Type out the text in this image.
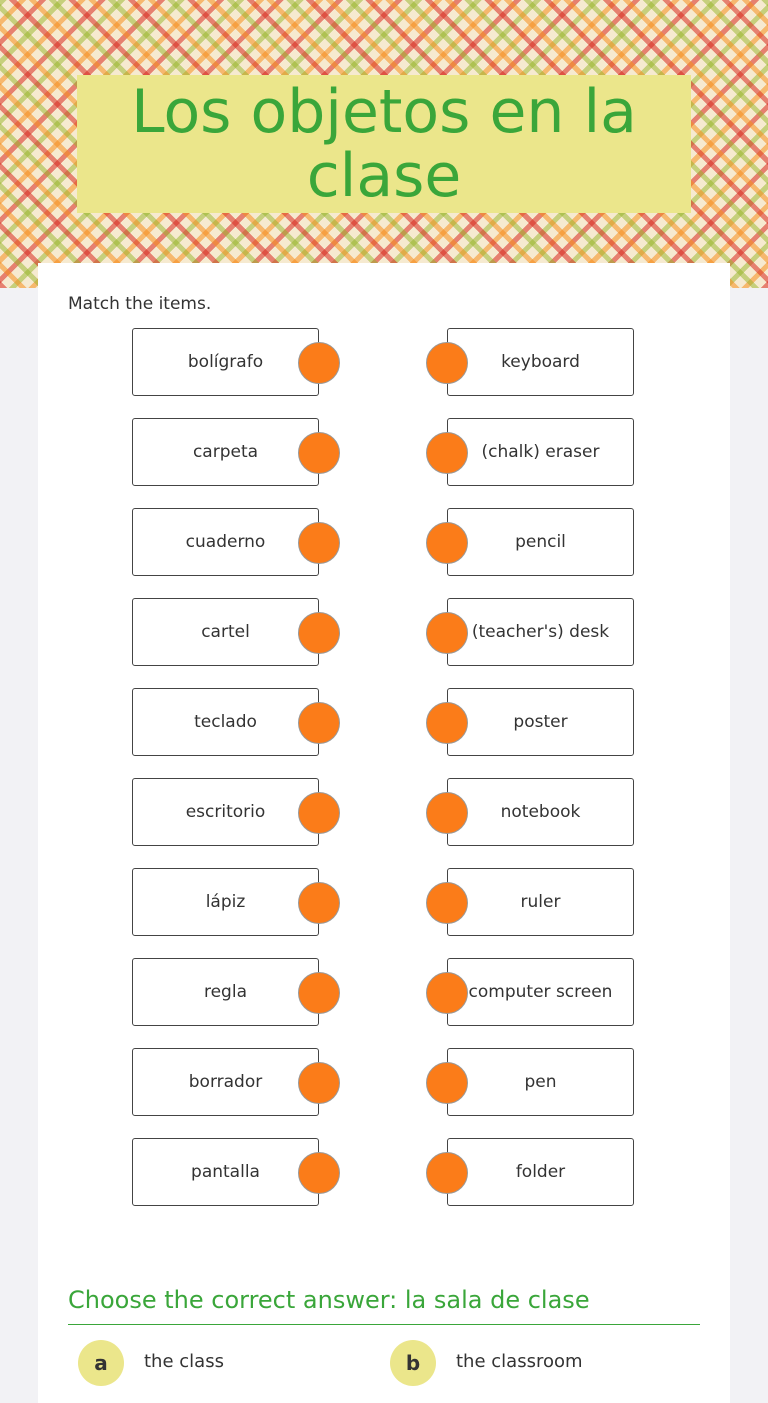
Los objetos en la clase
Match the items.
bolígrafo	keyboard
carpeta	(chalk) eraser
cuaderno	pencil
cartel	(teacher's) desk
teclado	poster
escritorio	notebook
lápiz	ruler
regla	computer screen
borrador	pen
pantalla	folder
Choose the correct answer: la sala de clase
a	the class	b	the classroom
